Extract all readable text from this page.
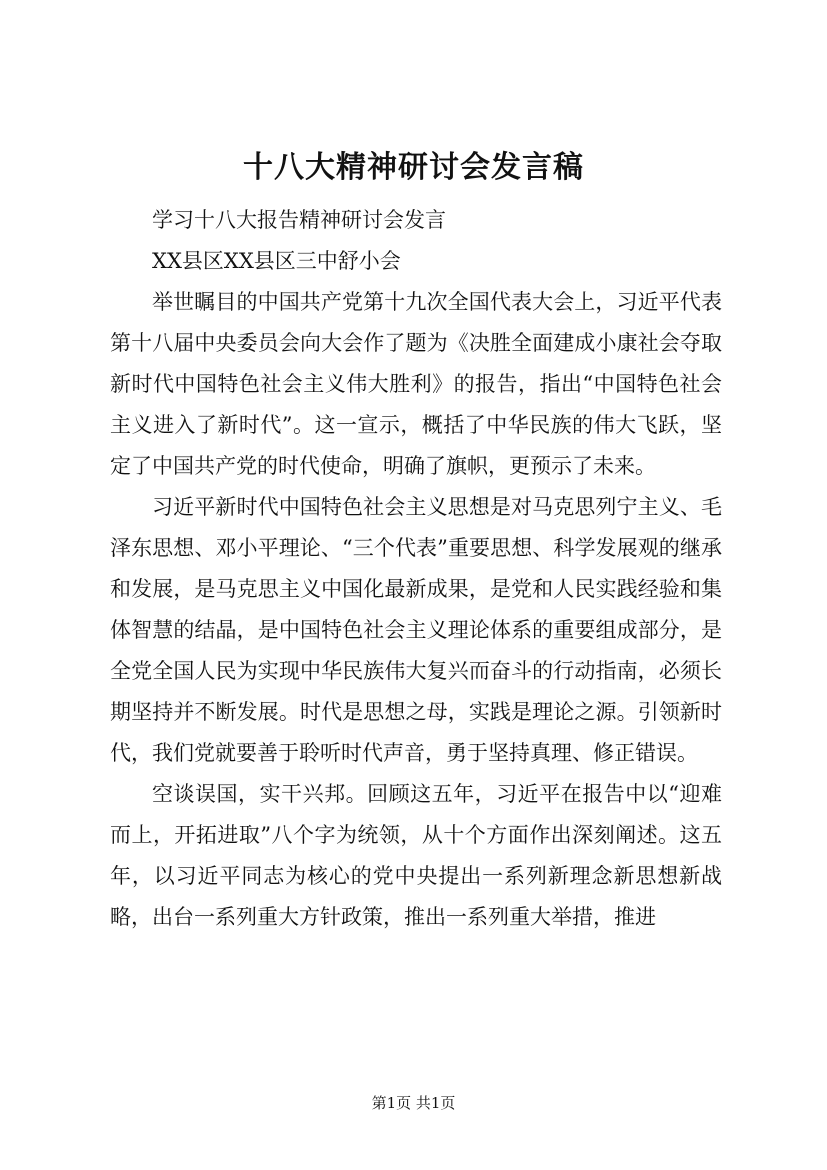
十八大精神研讨会发言稿

学习十八大报告精神研讨会发言

XX县区XX县区三中舒小会

举世瞩目的中国共产党第十九次全国代表大会上，习近平代表第十八届中央委员会向大会作了题为《决胜全面建成小康社会夺取新时代中国特色社会主义伟大胜利》的报告，指出“中国特色社会主义进入了新时代”。这一宣示，概括了中华民族的伟大飞跃，坚定了中国共产党的时代使命，明确了旗帜，更预示了未来。

习近平新时代中国特色社会主义思想是对马克思列宁主义、毛泽东思想、邓小平理论、“三个代表”重要思想、科学发展观的继承和发展，是马克思主义中国化最新成果，是党和人民实践经验和集体智慧的结晶，是中国特色社会主义理论体系的重要组成部分，是全党全国人民为实现中华民族伟大复兴而奋斗的行动指南，必须长期坚持并不断发展。时代是思想之母，实践是理论之源。引领新时代，我们党就要善于聆听时代声音，勇于坚持真理、修正错误。

空谈误国，实干兴邦。回顾这五年，习近平在报告中以“迎难而上，开拓进取”八个字为统领，从十个方面作出深刻阐述。这五年，以习近平同志为核心的党中央提出一系列新理念新思想新战略，出台一系列重大方针政策，推出一系列重大举措，推进

第1页 共1页
